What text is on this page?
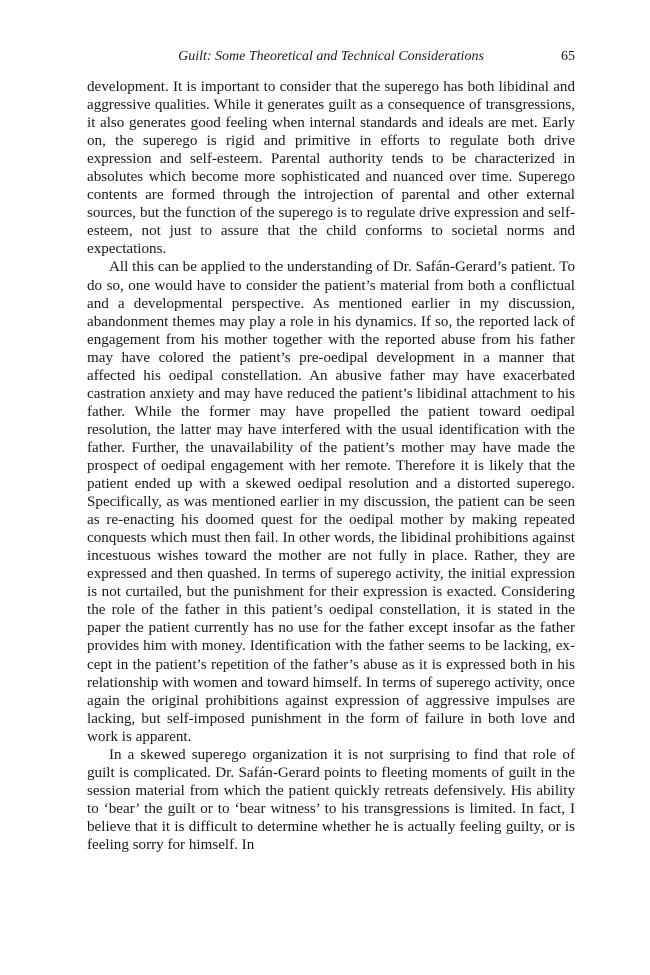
Guilt: Some Theoretical and Technical Considerations	65

development. It is important to consider that the superego has both libidinal and aggressive qualities. While it generates guilt as a consequence of transgressions, it also generates good feeling when internal standards and ideals are met. Early on, the superego is rigid and primitive in efforts to regulate both drive expression and self-esteem. Parental authority tends to be characterized in absolutes which become more sophisticated and nuanced over time. Superego contents are formed through the introjection of parental and other external sources, but the function of the superego is to regulate drive expression and self-esteem, not just to assure that the child conforms to societal norms and expectations.

All this can be applied to the understanding of Dr. Safán-Gerard’s patient. To do so, one would have to consider the patient’s material from both a conflictual and a developmental perspective. As mentioned earlier in my discussion, abandonment themes may play a role in his dynamics. If so, the reported lack of engagement from his mother together with the reported abuse from his father may have colored the patient’s pre-oedipal development in a manner that affected his oedipal constellation. An abusive father may have exacerbated castration anxiety and may have reduced the patient’s libidinal attachment to his father. While the former may have propelled the patient toward oedipal resolution, the latter may have interfered with the usual identification with the father. Further, the unavailability of the patient’s mother may have made the prospect of oedipal engagement with her remote. Therefore it is likely that the patient ended up with a skewed oedipal resolution and a distorted superego. Specifically, as was mentioned earlier in my discussion, the patient can be seen as re-enacting his doomed quest for the oedipal mother by making repeated conquests which must then fail. In other words, the libidinal prohibitions against incestuous wishes toward the mother are not fully in place. Rather, they are expressed and then quashed. In terms of superego activity, the initial expression is not curtailed, but the punishment for their expression is exacted. Considering the role of the father in this patient’s oedipal constellation, it is stated in the paper the patient currently has no use for the father except insofar as the father provides him with money. Identification with the father seems to be lacking, except in the patient’s repetition of the father’s abuse as it is expressed both in his relationship with women and toward himself. In terms of superego activity, once again the original prohibitions against expression of aggressive impulses are lacking, but self-imposed punishment in the form of failure in both love and work is apparent.

In a skewed superego organization it is not surprising to find that role of guilt is complicated. Dr. Safán-Gerard points to fleeting moments of guilt in the session material from which the patient quickly retreats defensively. His ability to ‘bear’ the guilt or to ‘bear witness’ to his transgressions is limited. In fact, I believe that it is difficult to determine whether he is actually feeling guilty, or is feeling sorry for himself. In
